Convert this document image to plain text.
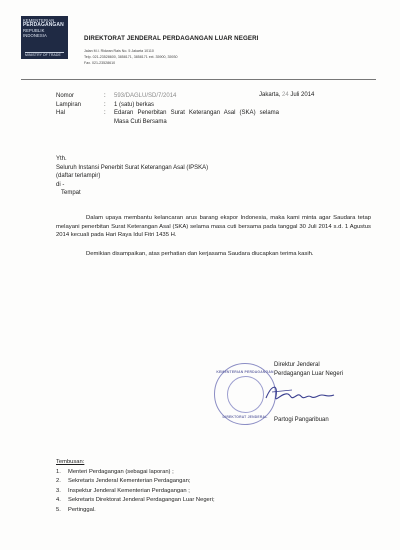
KEMENTERIAN
PERDAGANGAN
REPUBLIK INDONESIA
MINISTRY OF TRADE
DIREKTORAT JENDERAL PERDAGANGAN LUAR NEGERI
Jalan M.I. Ridwan Rais No. 5 Jakarta 10110
Telp. 021-23528600, 3858171, 3858171 ext. 35900, 35930
Fax. 021-23528610
Nomor	:	593/DAGLU/SD/7/2014
Lampiran	:	1 (satu) berkas
Hal	:	Edaran Penerbitan Surat Keterangan Asal (SKA) selama Masa Cuti Bersama
Jakarta, 24 Juli 2014
Yth.
Seluruh Instansi Penerbit Surat Keterangan Asal (IPSKA)
(daftar terlampir)
di -
Tempat

Dalam upaya membantu kelancaran arus barang ekspor Indonesia, maka kami minta agar Saudara tetap melayani penerbitan Surat Keterangan Asal (SKA) selama masa cuti bersama pada tanggal 30 Juli 2014 s.d. 1 Agustus 2014 kecuali pada Hari Raya Idul Fitri 1435 H.

Demikian disampaikan, atas perhatian dan kerjasama Saudara diucapkan terima kasih.

KEMENTERIAN PERDAGANGAN
DIREKTORAT JENDERAL
Direktur Jenderal
Perdagangan Luar Negeri
Partogi Pangaribuan
Tembusan:
1.	Menteri Perdagangan (sebagai laporan) ;
2.	Sekretaris Jenderal Kementerian Perdagangan;
3.	Inspektur Jenderal Kementerian Perdagangan ;
4.	Sekretaris Direktorat Jenderal Perdagangan Luar Negeri;
5.	Pertinggal.
